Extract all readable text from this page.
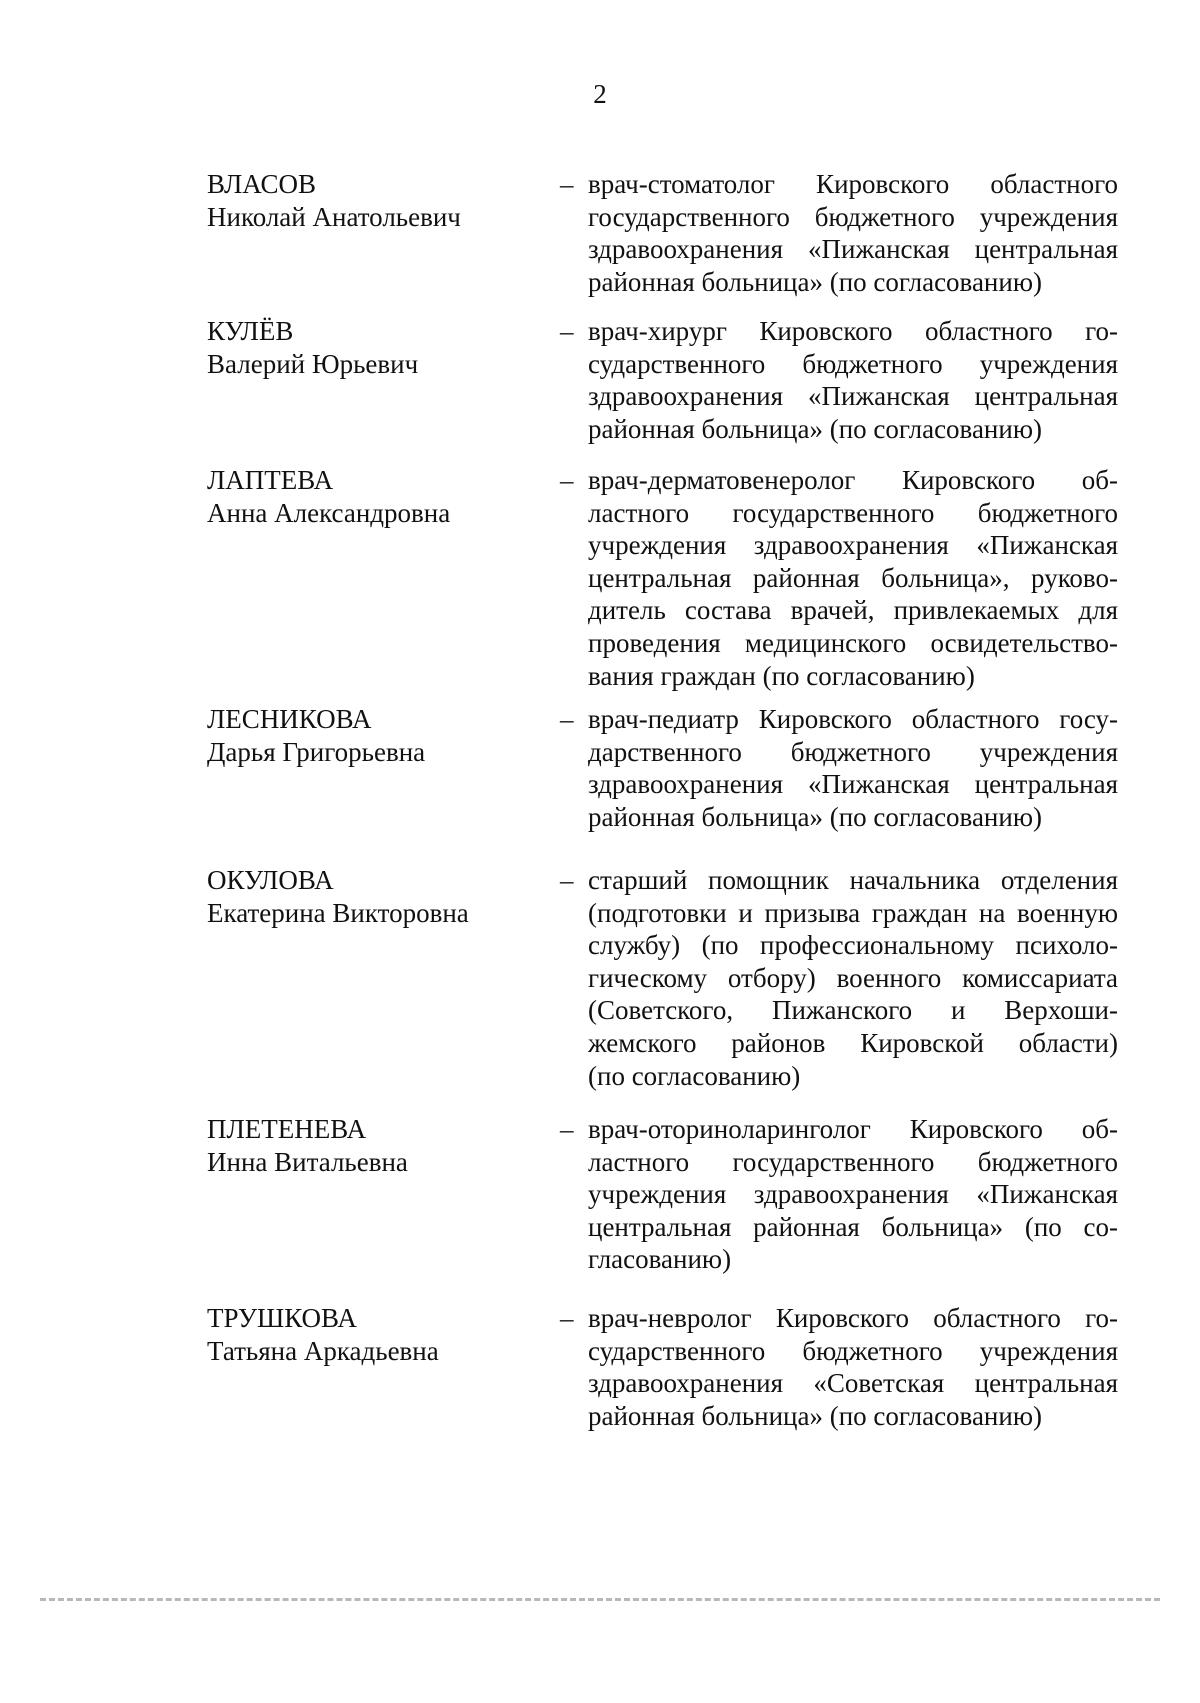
2
ВЛАСОВ
Николай Анатольевич
– врач-стоматолог Кировского областного
государственного бюджетного учреждения
здравоохранения «Пижанская центральная
районная больница» (по согласованию)
КУЛЁВ
Валерий Юрьевич
– врач-хирург Кировского областного го-
сударственного бюджетного учреждения
здравоохранения «Пижанская центральная
районная больница» (по согласованию)
ЛАПТЕВА
Анна Александровна
– врач-дерматовенеролог Кировского об-
ластного государственного бюджетного
учреждения здравоохранения «Пижанская
центральная районная больница», руково-
дитель состава врачей, привлекаемых для
проведения медицинского освидетельство-
вания граждан (по согласованию)
ЛЕСНИКОВА
Дарья Григорьевна
– врач-педиатр Кировского областного госу-
дарственного бюджетного учреждения
здравоохранения «Пижанская центральная
районная больница» (по согласованию)
ОКУЛОВА
Екатерина Викторовна
– старший помощник начальника отделения
(подготовки и призыва граждан на военную
службу) (по профессиональному психоло-
гическому отбору) военного комиссариата
(Советского, Пижанского и Верхоши-
жемского районов Кировской области)
(по согласованию)
ПЛЕТЕНЕВА
Инна Витальевна
– врач-оториноларинголог Кировского об-
ластного государственного бюджетного
учреждения здравоохранения «Пижанская
центральная районная больница» (по со-
гласованию)
ТРУШКОВА
Татьяна Аркадьевна
– врач-невролог Кировского областного го-
сударственного бюджетного учреждения
здравоохранения «Советская центральная
районная больница» (по согласованию)
